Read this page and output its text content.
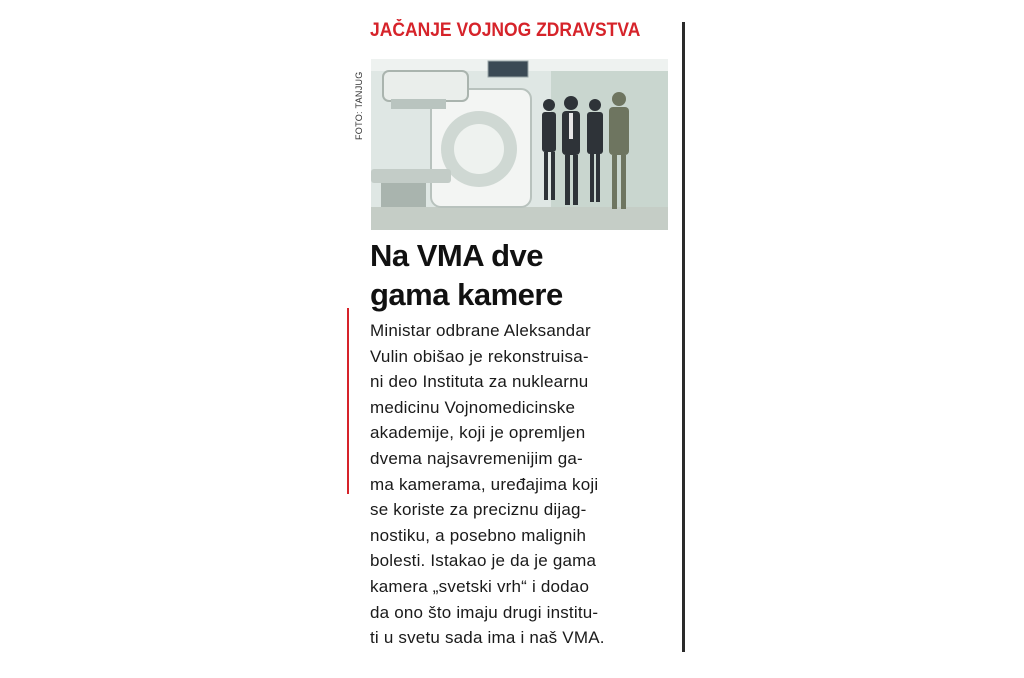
JAČANJE VOJNOG ZDRAVSTVA
FOTO: TANJUG
Na VMA dve
gama kamere
Ministar odbrane Aleksandar
Vulin obišao je rekonstruisa-
ni deo Instituta za nuklearnu
medicinu Vojnomedicinske
akademije, koji je opremljen
dvema najsavremenijim ga-
ma kamerama, uređajima koji
se koriste za preciznu dijag-
nostiku, a posebno malignih
bolesti. Istakao je da je gama
kamera „svetski vrh“ i dodao
da ono što imaju drugi institu-
ti u svetu sada ima i naš VMA.
